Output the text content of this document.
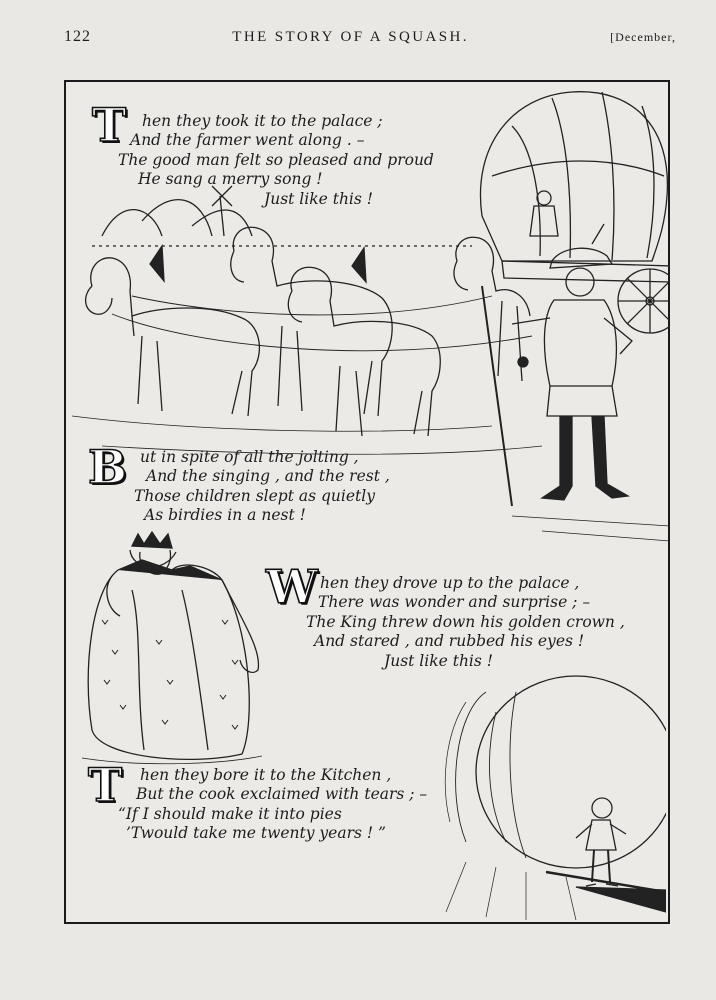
122	THE STORY OF A SQUASH.	[December,
T	hen they took it to the palace ;
And the farmer went along . –
The good man felt so pleased and proud
He sang a merry song !
Just like this !
B ut in spite of all the jolting ,
And the singing , and the rest ,
Those children slept as quietly
As birdies in a nest !
W hen they drove up to the palace ,
There was wonder and surprise ; –
The King threw down his golden crown ,
And stared , and rubbed his eyes !
Just like this !
T	hen they bore it to the Kitchen ,
But the cook exclaimed with tears ; –
“If I should make it into pies
’Twould take me twenty years ! ”
